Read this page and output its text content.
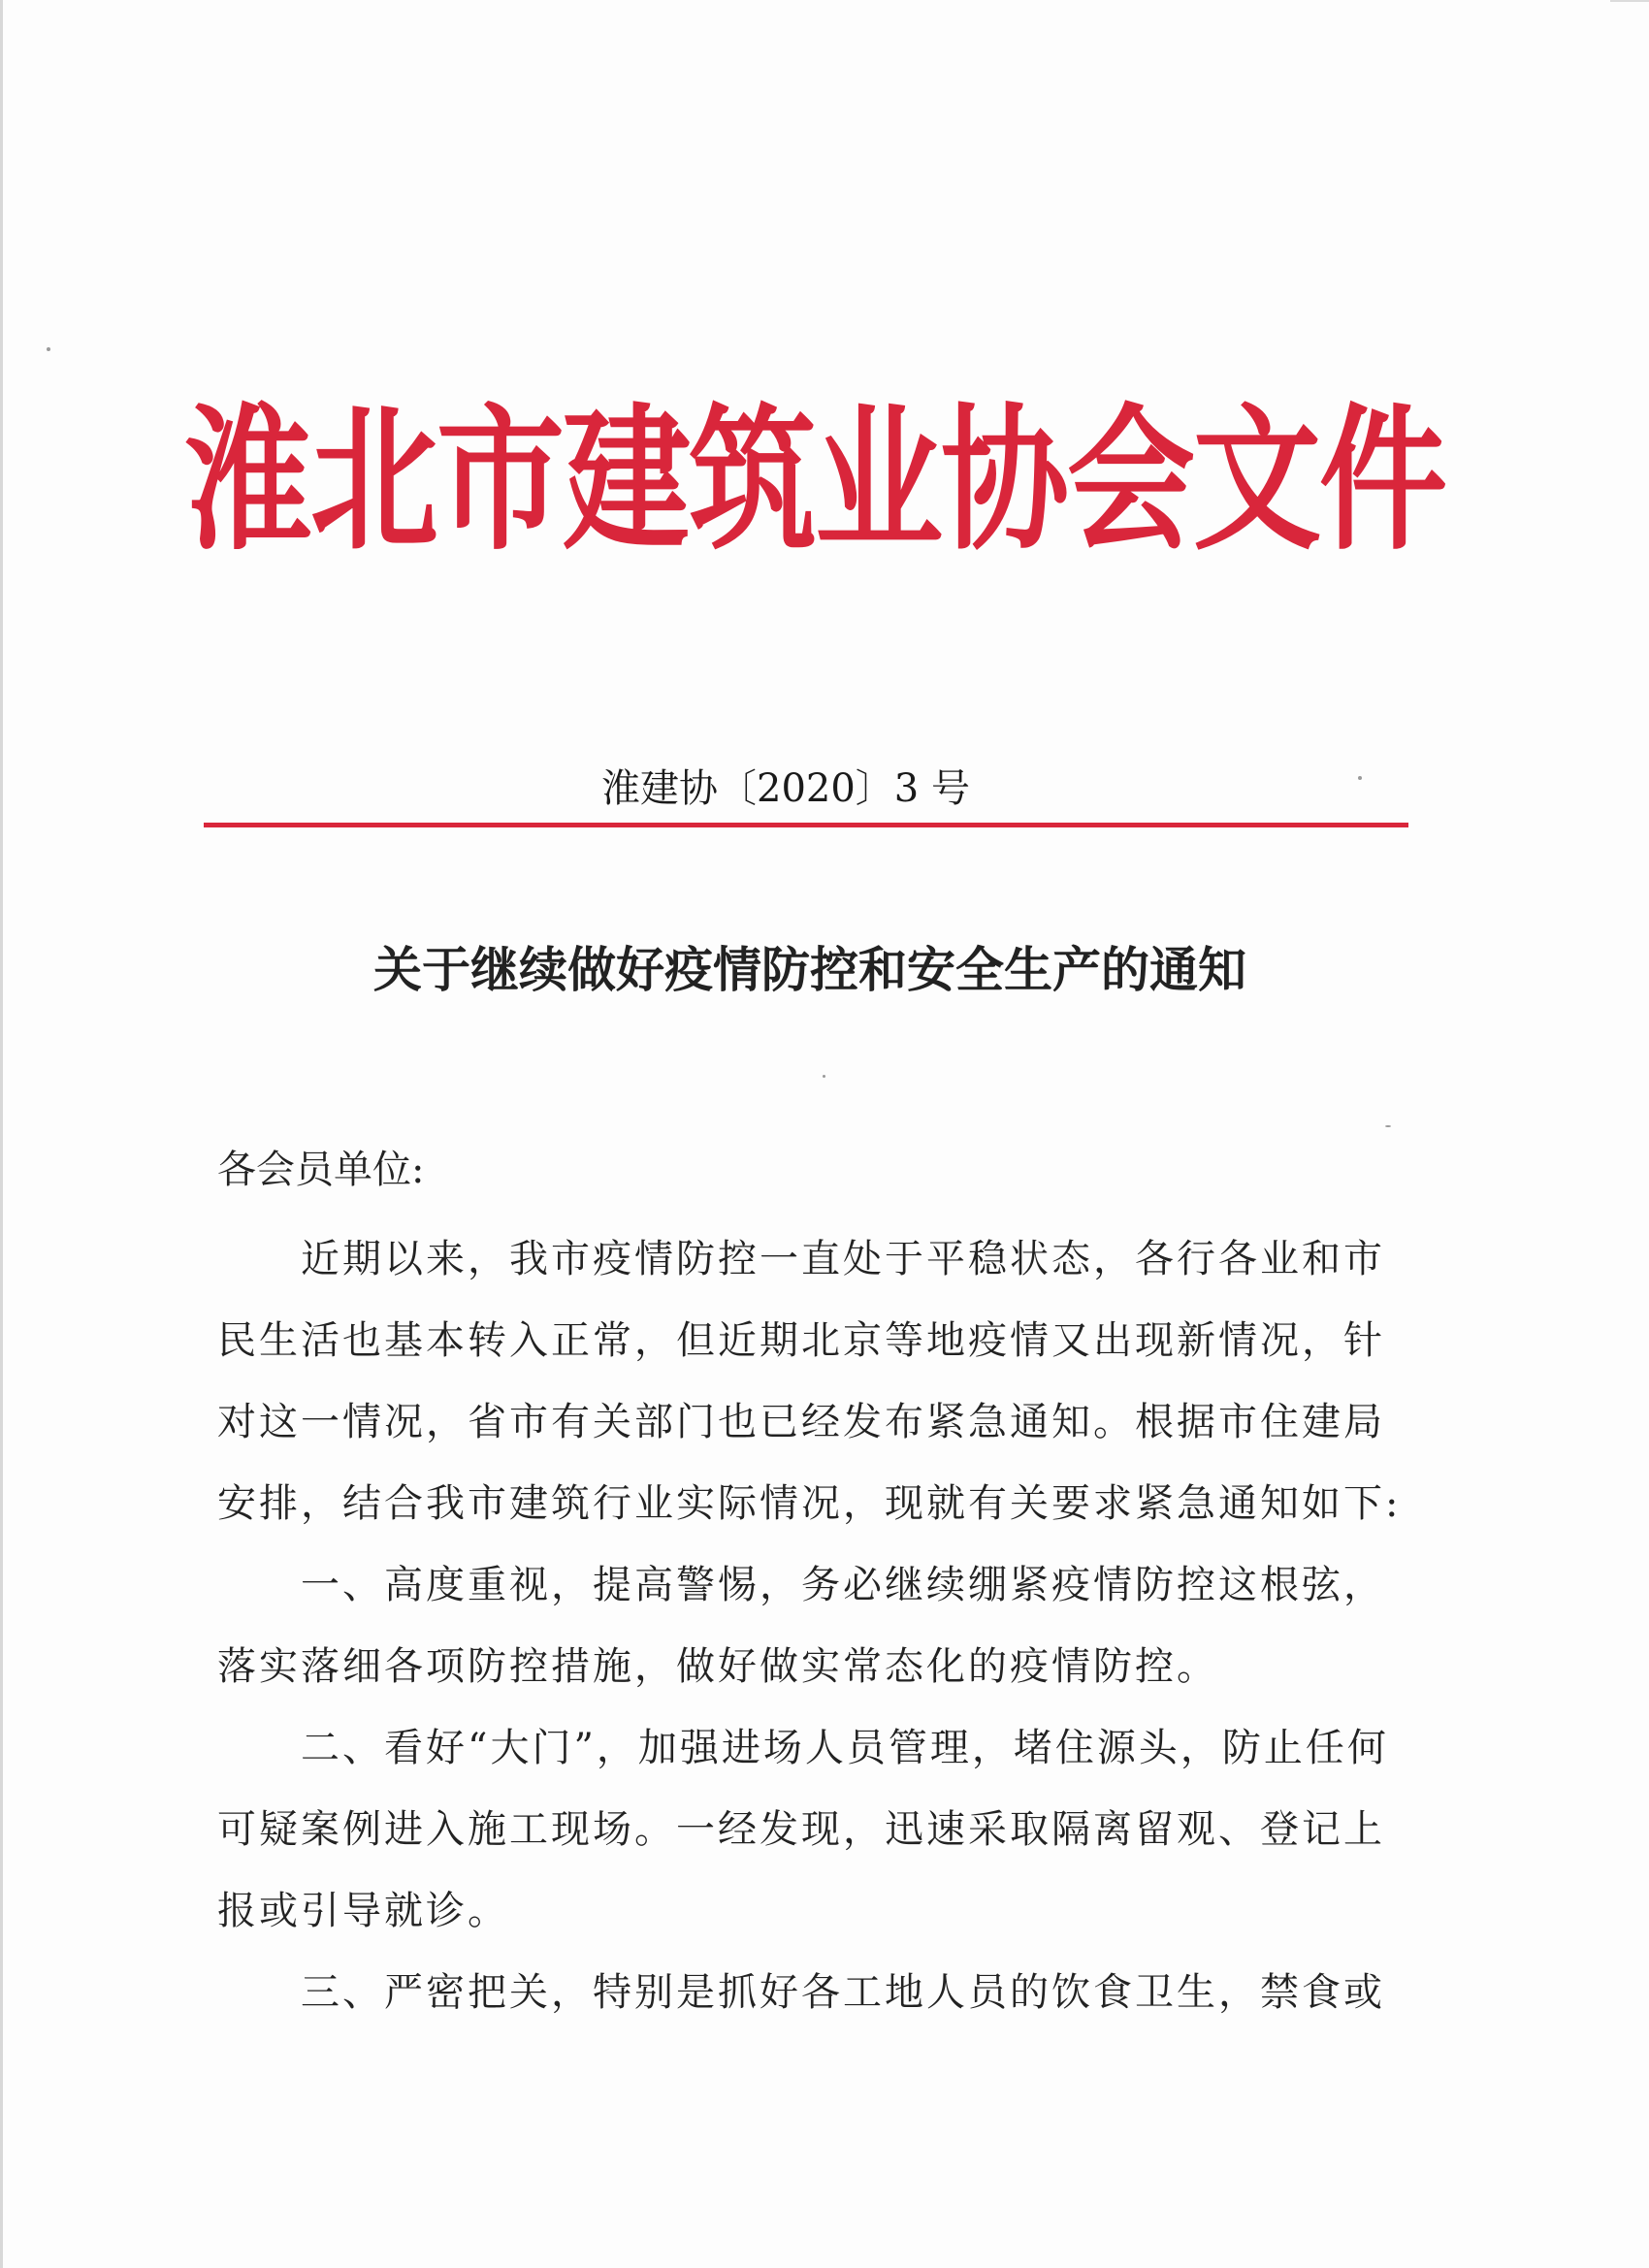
淮北市建筑业协会文件
淮建协〔2020〕3 号
关于继续做好疫情防控和安全生产的通知
各会员单位:
近期以来，我市疫情防控一直处于平稳状态，各行各业和市
民生活也基本转入正常，但近期北京等地疫情又出现新情况，针
对这一情况，省市有关部门也已经发布紧急通知。根据市住建局
安排，结合我市建筑行业实际情况，现就有关要求紧急通知如下:
一、高度重视，提高警惕，务必继续绷紧疫情防控这根弦，
落实落细各项防控措施，做好做实常态化的疫情防控。
二、看好“大门”，加强进场人员管理，堵住源头，防止任何
可疑案例进入施工现场。一经发现，迅速采取隔离留观、登记上
报或引导就诊。
三、严密把关，特别是抓好各工地人员的饮食卫生，禁食或
